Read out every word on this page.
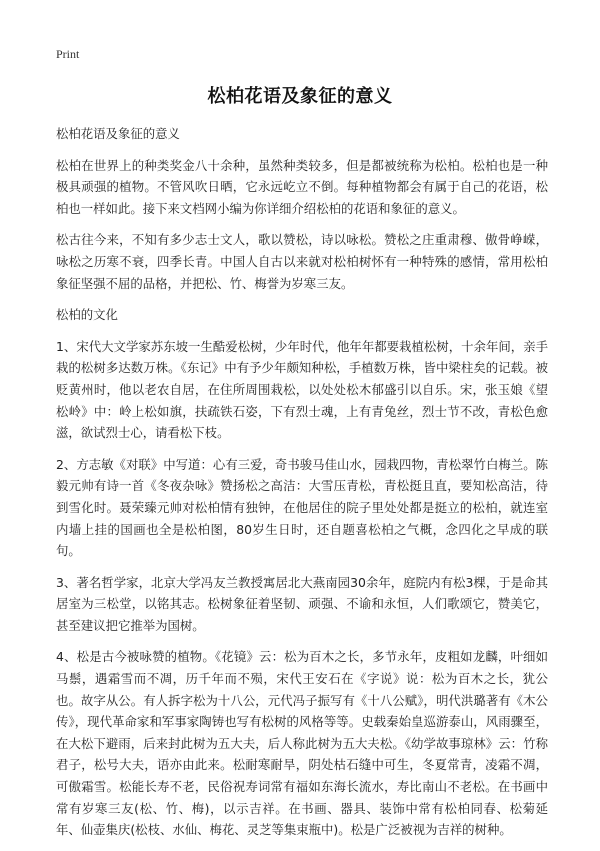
Print
松柏花语及象征的意义

松柏花语及象征的意义

松柏在世界上的种类奖金八十余种，虽然种类较多，但是都被统称为松柏。松柏也是一种极具顽强的植物。不管风吹日晒，它永远屹立不倒。每种植物都会有属于自己的花语，松柏也一样如此。接下来文档网小编为你详细介绍松柏的花语和象征的意义。

松古往今来，不知有多少志士文人，歌以赞松，诗以咏松。赞松之庄重肃穆、傲骨峥嵘，咏松之历寒不衰，四季长青。中国人自古以来就对松柏树怀有一种特殊的感情，常用松柏象征坚强不屈的品格，并把松、竹、梅誉为岁寒三友。

松柏的文化

1、宋代大文学家苏东坡一生酷爱松树，少年时代，他年年都要栽植松树，十余年间，亲手栽的松树多达数万株。《东记》中有予少年颇知种松，手植数万株，皆中梁柱矣的记载。被贬黄州时，他以老农自居，在住所周围栽松，以处处松木郁盛引以自乐。宋，张玉娘《望松岭》中：岭上松如旗，扶疏铁石姿，下有烈士魂，上有青兔丝，烈士节不改，青松色愈滋，欲试烈士心，请看松下枝。

2、方志敏《对联》中写道：心有三爱，奇书骏马佳山水，园栽四物，青松翠竹白梅兰。陈毅元帅有诗一首《冬夜杂咏》赞扬松之高洁：大雪压青松，青松挺且直，要知松高洁，待到雪化时。聂荣臻元帅对松柏情有独钟，在他居住的院子里处处都是挺立的松柏，就连室内墙上挂的国画也全是松柏图，80岁生日时，还自题喜松柏之气概，念四化之早成的联句。

3、著名哲学家，北京大学冯友兰教授寓居北大燕南园30余年，庭院内有松3棵，于是命其居室为三松堂，以铭其志。松树象征着坚韧、顽强、不谕和永恒，人们歌颂它，赞美它，甚至建议把它推举为国树。

4、松是古今被咏赞的植物。《花镜》云：松为百木之长，多节永年，皮粗如龙麟，叶细如马鬃，遇霜雪而不凋，历千年而不殒，宋代王安石在《字说》说：松为百木之长，犹公也。故字从公。有人拆字松为十八公，元代冯子振写有《十八公赋》，明代洪璐著有《木公传》，现代革命家和军事家陶铸也写有松树的风格等等。史载秦始皇巡游泰山，风雨骤至，在大松下避雨，后来封此树为五大夫，后人称此树为五大夫松。《幼学故事琼林》云：竹称君子，松号大夫，语亦由此来。松耐寒耐旱，阴处枯石缝中可生，冬夏常青，凌霜不凋，可傲霜雪。松能长寿不老，民俗祝寿词常有福如东海长流水，寿比南山不老松。在书画中常有岁寒三友(松、竹、梅)，以示吉祥。在书画、器具、装饰中常有松柏同春、松菊延年、仙壶集庆(松枝、水仙、梅花、灵芝等集束瓶中)。松是广泛被视为吉祥的树种。
